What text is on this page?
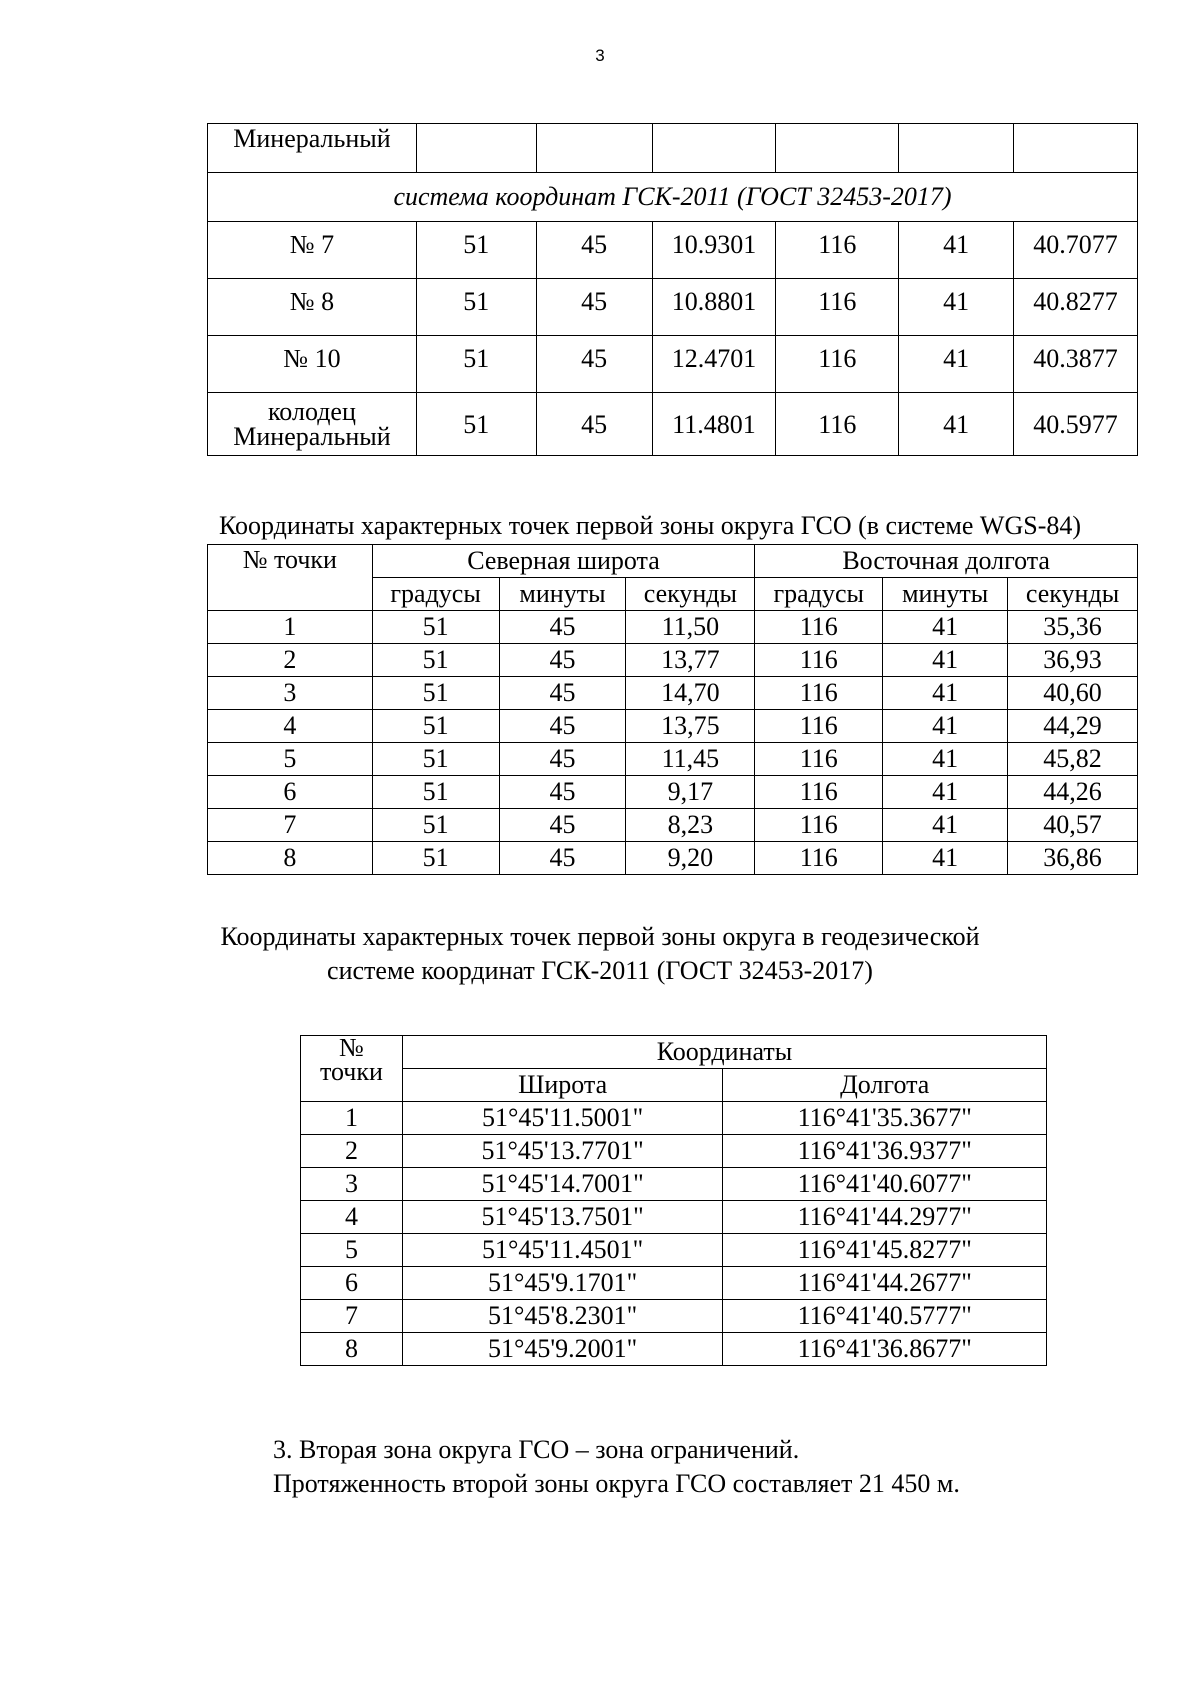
3
Минеральный						
система координат ГСК-2011 (ГОСТ 32453-2017)						
№ 7	51	45	10.9301	116	41	40.7077
№ 8	51	45	10.8801	116	41	40.8277
№ 10	51	45	12.4701	116	41	40.3877
колодец
Минеральный	51	45	11.4801	116	41	40.5977
Координаты характерных точек первой зоны округа ГСО (в системе WGS-84)
№ точки	Северная широта			Восточная долгота		
	градусы	минуты	секунды	градусы	минуты	секунды
1	51	45	11,50	116	41	35,36
2	51	45	13,77	116	41	36,93
3	51	45	14,70	116	41	40,60
4	51	45	13,75	116	41	44,29
5	51	45	11,45	116	41	45,82
6	51	45	9,17	116	41	44,26
7	51	45	8,23	116	41	40,57
8	51	45	9,20	116	41	36,86
Координаты характерных точек первой зоны округа в геодезической
системе координат ГСК-2011 (ГОСТ 32453-2017)
№
точки	Координаты	
	Широта	Долгота
1	51°45'11.5001"	116°41'35.3677"
2	51°45'13.7701"	116°41'36.9377"
3	51°45'14.7001"	116°41'40.6077"
4	51°45'13.7501"	116°41'44.2977"
5	51°45'11.4501"	116°41'45.8277"
6	51°45'9.1701"	116°41'44.2677"
7	51°45'8.2301"	116°41'40.5777"
8	51°45'9.2001"	116°41'36.8677"
3. Вторая зона округа ГСО – зона ограничений.
Протяженность второй зоны округа ГСО составляет 21 450 м.
